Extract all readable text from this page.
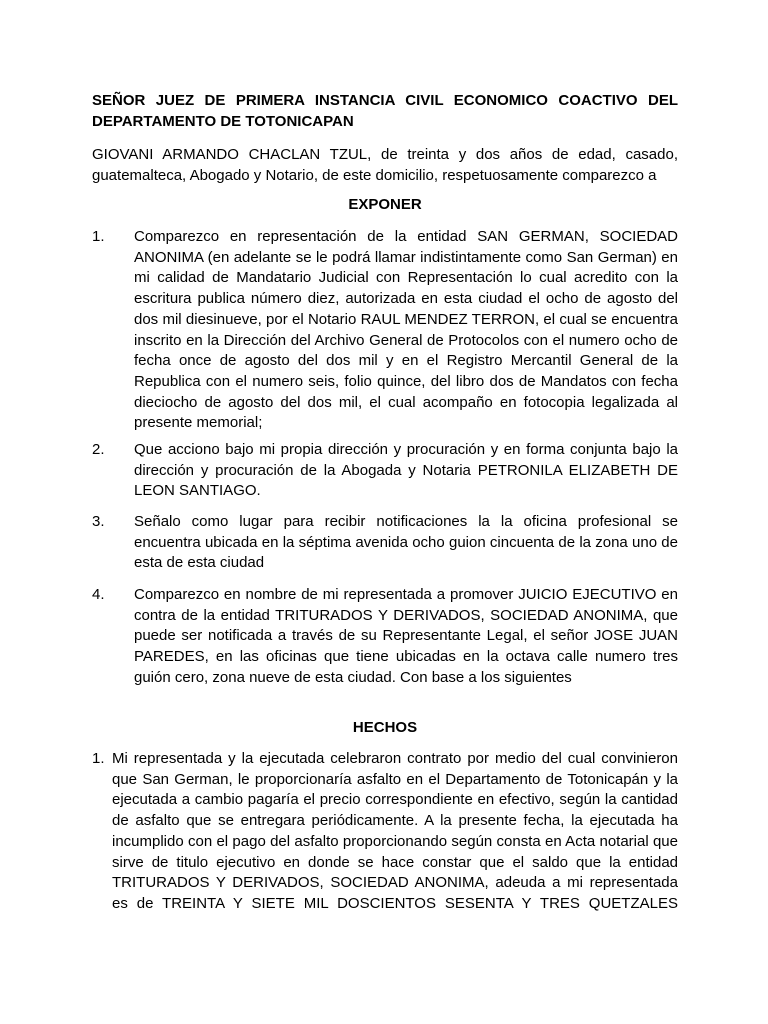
SEÑOR JUEZ DE PRIMERA INSTANCIA CIVIL ECONOMICO COACTIVO DEL DEPARTAMENTO DE TOTONICAPAN
GIOVANI ARMANDO CHACLAN TZUL, de treinta y dos años de edad, casado, guatemalteca, Abogado y Notario, de este domicilio, respetuosamente comparezco a
EXPONER
1. Comparezco en representación de la entidad SAN GERMAN, SOCIEDAD ANONIMA (en adelante se le podrá llamar indistintamente como San German) en mi calidad de Mandatario Judicial con Representación lo cual acredito con la escritura publica número diez, autorizada en esta ciudad el ocho de agosto del dos mil diesinueve, por el Notario RAUL MENDEZ TERRON, el cual se encuentra inscrito en la Dirección del Archivo General de Protocolos con el numero ocho de fecha once de agosto del dos mil y en el Registro Mercantil General de la Republica con el numero seis, folio quince, del libro dos de Mandatos con fecha dieciocho de agosto del dos mil, el cual acompaño en fotocopia legalizada al presente memorial;
2. Que acciono bajo mi propia dirección y procuración y en forma conjunta bajo la dirección y procuración de la Abogada y Notaria PETRONILA ELIZABETH DE LEON SANTIAGO.
3. Señalo como lugar para recibir notificaciones la la oficina profesional se encuentra ubicada en la séptima avenida ocho guion cincuenta de la zona uno de esta de esta ciudad
4. Comparezco en nombre de mi representada a promover JUICIO EJECUTIVO en contra de la entidad TRITURADOS Y DERIVADOS, SOCIEDAD ANONIMA, que puede ser notificada a través de su Representante Legal, el señor JOSE JUAN PAREDES, en las oficinas que tiene ubicadas en la octava calle numero tres guión cero, zona nueve de esta ciudad. Con base a los siguientes
HECHOS
1. Mi representada y la ejecutada celebraron contrato por medio del cual convinieron que San German, le proporcionaría asfalto en el Departamento de Totonicapán y la ejecutada a cambio pagaría el precio correspondiente en efectivo, según la cantidad de asfalto que se entregara periódicamente. A la presente fecha, la ejecutada ha incumplido con el pago del asfalto proporcionando según consta en Acta notarial que sirve de titulo ejecutivo en donde se hace constar que el saldo que la entidad TRITURADOS Y DERIVADOS, SOCIEDAD ANONIMA, adeuda a mi representada es de TREINTA Y SIETE MIL DOSCIENTOS SESENTA Y TRES QUETZALES
